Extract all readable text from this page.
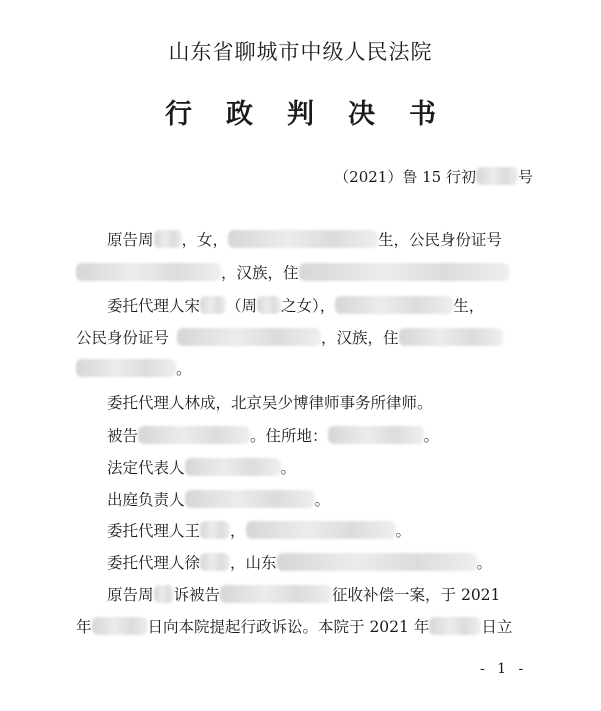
山东省聊城市中级人民法院
行政判决书
（2021）鲁 15 行初	号
原告周 ，女，	生，公民身份证号
，汉族，住
委托代理人宋 （周 之女），	生，
公民身份证号	，汉族，住
。
委托代理人林成，北京吴少博律师事务所律师。
被告	。住所地：	。
法定代表人	。
出庭负责人	。
委托代理人王 ，	。
委托代理人徐 ，山东	。
原告周 诉被告	征收补偿一案，于 2021
年	日向本院提起行政诉讼。本院于 2021 年	日立
- 1 -
